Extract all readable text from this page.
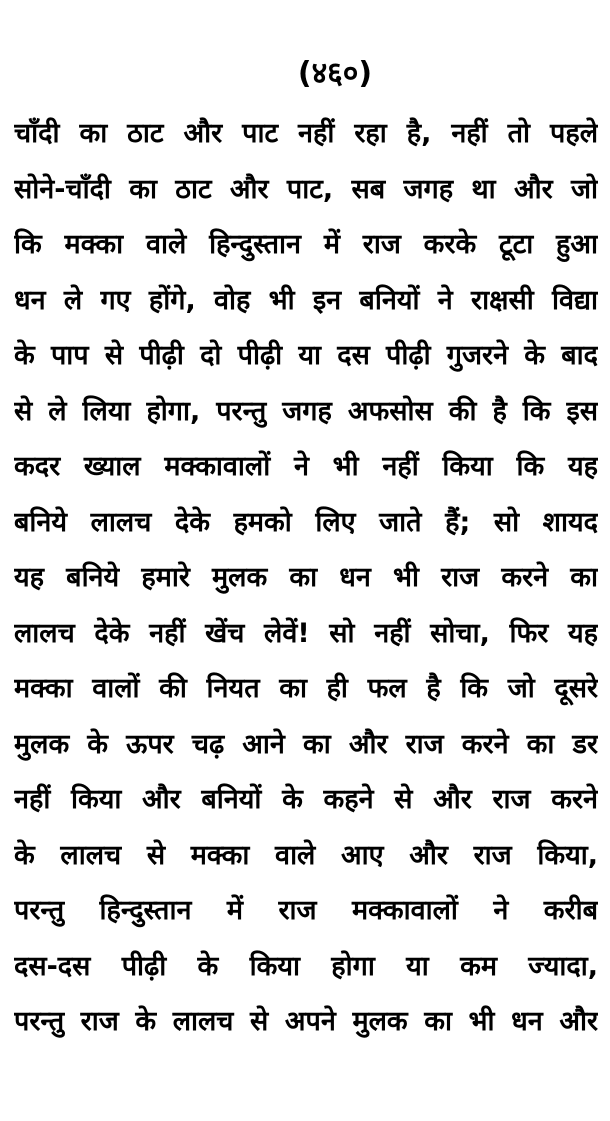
(४६०)
चाँदी का ठाट और पाट नहीं रहा है, नहीं तो पहले
सोने-चाँदी का ठाट और पाट, सब जगह था और जो
कि मक्का वाले हिन्दुस्तान में राज करके टूटा हुआ
धन ले गए होंगे, वोह भी इन बनियों ने राक्षसी विद्या
के पाप से पीढ़ी दो पीढ़ी या दस पीढ़ी गुजरने के बाद
से ले लिया होगा, परन्तु जगह अफसोस की है कि इस
कदर ख्याल मक्कावालों ने भी नहीं किया कि यह
बनिये लालच देके हमको लिए जाते हैं; सो शायद
यह बनिये हमारे मुलक का धन भी राज करने का
लालच देके नहीं खेंच लेवें! सो नहीं सोचा, फिर यह
मक्का वालों की नियत का ही फल है कि जो दूसरे
मुलक के ऊपर चढ़ आने का और राज करने का डर
नहीं किया और बनियों के कहने से और राज करने
के लालच से मक्का वाले आए और राज किया,
परन्तु हिन्दुस्तान में राज मक्कावालों ने करीब
दस-दस पीढ़ी के किया होगा या कम ज्यादा,
परन्तु राज के लालच से अपने मुलक का भी धन और
